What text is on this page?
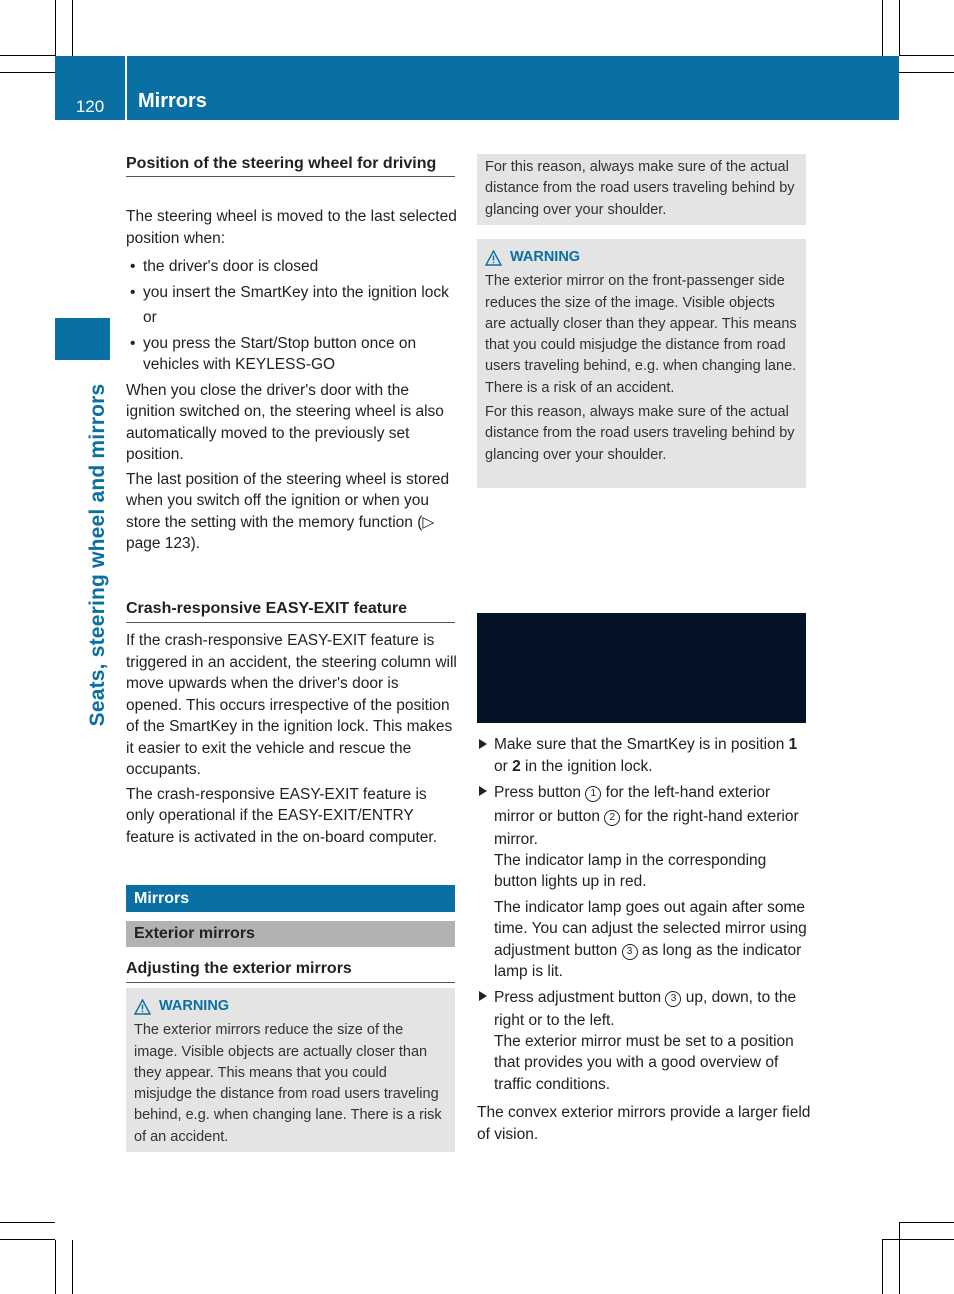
120	Mirrors
Seats, steering wheel and mirrors
Position of the steering wheel for driving

The steering wheel is moved to the last selected position when:

• the driver's door is closed
• you insert the SmartKey into the ignition lock
or
• you press the Start/Stop button once on vehicles with KEYLESS-GO

When you close the driver's door with the ignition switched on, the steering wheel is also automatically moved to the previously set position.

The last position of the steering wheel is stored when you switch off the ignition or when you store the setting with the memory function (▷ page 123).

Crash-responsive EASY-EXIT feature

If the crash-responsive EASY-EXIT feature is triggered in an accident, the steering column will move upwards when the driver's door is opened. This occurs irrespective of the position of the SmartKey in the ignition lock. This makes it easier to exit the vehicle and rescue the occupants.

The crash-responsive EASY-EXIT feature is only operational if the EASY-EXIT/ENTRY feature is activated in the on-board computer.

Mirrors
Exterior mirrors
Adjusting the exterior mirrors
WARNING
The exterior mirrors reduce the size of the image. Visible objects are actually closer than they appear. This means that you could misjudge the distance from road users traveling behind, e.g. when changing lane. There is a risk of an accident.
For this reason, always make sure of the actual distance from the road users traveling behind by glancing over your shoulder.
WARNING
The exterior mirror on the front-passenger side reduces the size of the image. Visible objects are actually closer than they appear. This means that you could misjudge the distance from road users traveling behind, e.g. when changing lane. There is a risk of an accident.
For this reason, always make sure of the actual distance from the road users traveling behind by glancing over your shoulder.
Make sure that the SmartKey is in position 1 or 2 in the ignition lock.
Press button 1 for the left-hand exterior mirror or button 2 for the right-hand exterior mirror.
The indicator lamp in the corresponding button lights up in red.
The indicator lamp goes out again after some time. You can adjust the selected mirror using adjustment button 3 as long as the indicator lamp is lit.
Press adjustment button 3 up, down, to the right or to the left.
The exterior mirror must be set to a position that provides you with a good overview of traffic conditions.

The convex exterior mirrors provide a larger field of vision.
